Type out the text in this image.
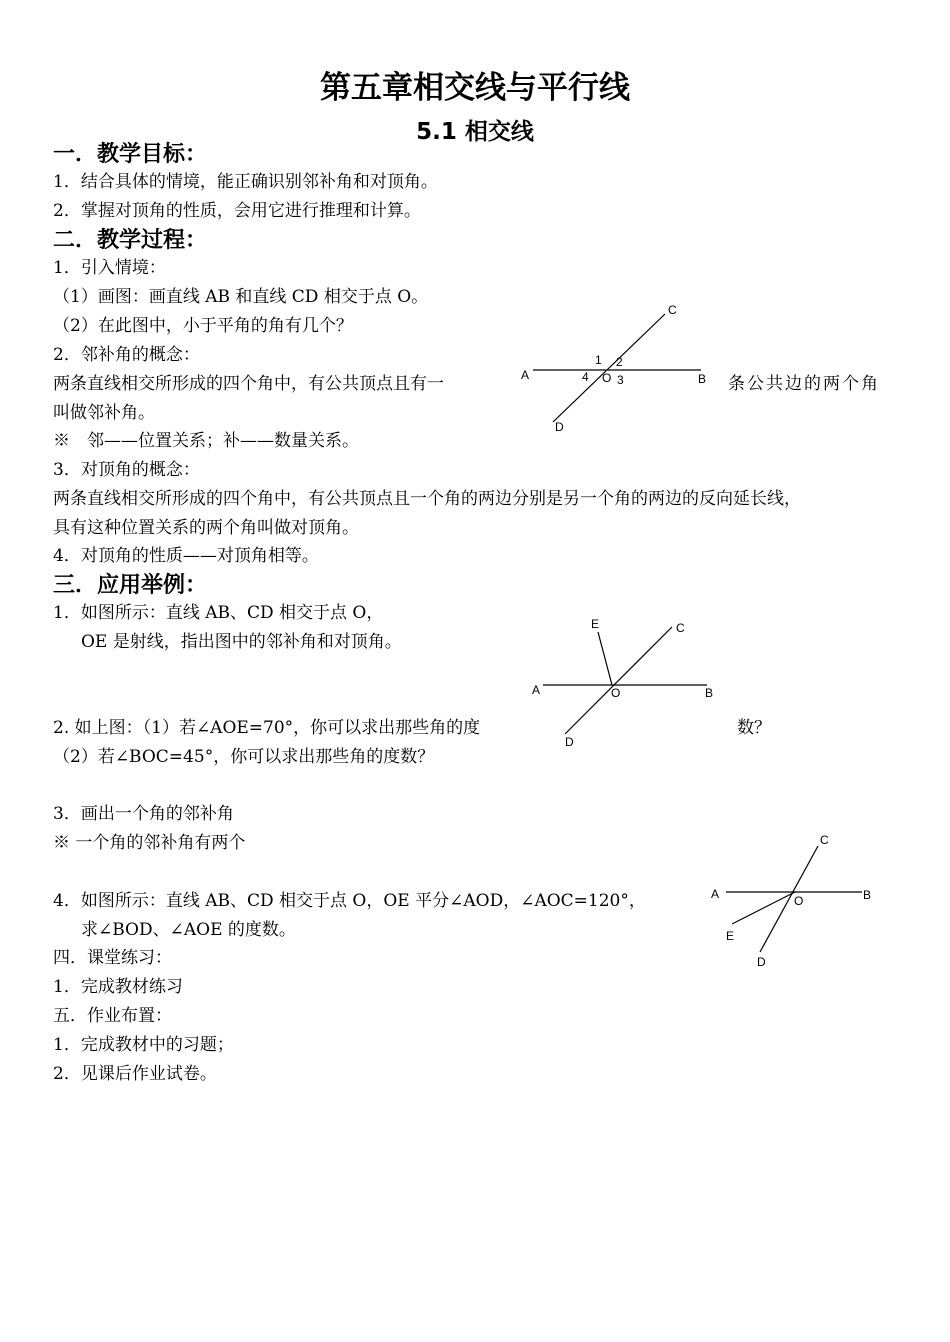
第五章相交线与平行线
5.1 相交线
一．教学目标：
1．结合具体的情境，能正确识别邻补角和对顶角。
2．掌握对顶角的性质，会用它进行推理和计算。
二．教学过程：
1．引入情境：
（1）画图：画直线 AB 和直线 CD 相交于点 O。
（2）在此图中，小于平角的角有几个？
2．邻补角的概念：
两条直线相交所形成的四个角中，有公共顶点且有一	条公共边的两个角
叫做邻补角。
※　邻——位置关系；补——数量关系。
3．对顶角的概念：
两条直线相交所形成的四个角中，有公共顶点且一个角的两边分别是另一个角的两边的反向延长线，
具有这种位置关系的两个角叫做对顶角。
4．对顶角的性质——对顶角相等。
A	B
C
D
O
1 2
3
4
三．应用举例：
1．如图所示：直线 AB、CD 相交于点 O，
OE 是射线，指出图中的邻补角和对顶角。
A	B
C
D
E
O
2. 如上图：（1）若∠AOE=70°，你可以求出那些角的度	数？
（2）若∠BOC=45°，你可以求出那些角的度数？
3．画出一个角的邻补角
※ 一个角的邻补角有两个
A	B
C
D
E
O
4．如图所示：直线 AB、CD 相交于点 O，OE 平分∠AOD，∠AOC=120°，
求∠BOD、∠AOE 的度数。
四．课堂练习：
1．完成教材练习
五．作业布置：
1．完成教材中的习题；
2．见课后作业试卷。
